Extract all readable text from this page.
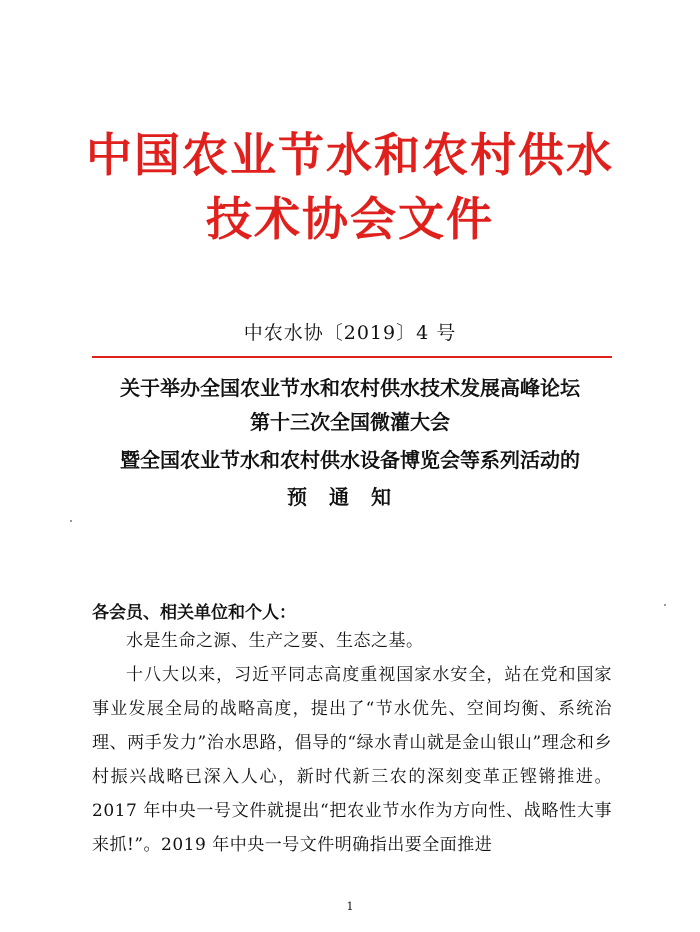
中国农业节水和农村供水
技术协会文件
中农水协〔2019〕4 号
关于举办全国农业节水和农村供水技术发展高峰论坛
第十三次全国微灌大会
暨全国农业节水和农村供水设备博览会等系列活动的
预通知
各会员、相关单位和个人：
水是生命之源、生产之要、生态之基。
十八大以来，习近平同志高度重视国家水安全，站在党和国家事业发展全局的战略高度，提出了“节水优先、空间均衡、系统治理、两手发力”治水思路，倡导的“绿水青山就是金山银山”理念和乡村振兴战略已深入人心，新时代新三农的深刻变革正铿锵推进。2017 年中央一号文件就提出“把农业节水作为方向性、战略性大事来抓!”。2019 年中央一号文件明确指出要全面推进
1
